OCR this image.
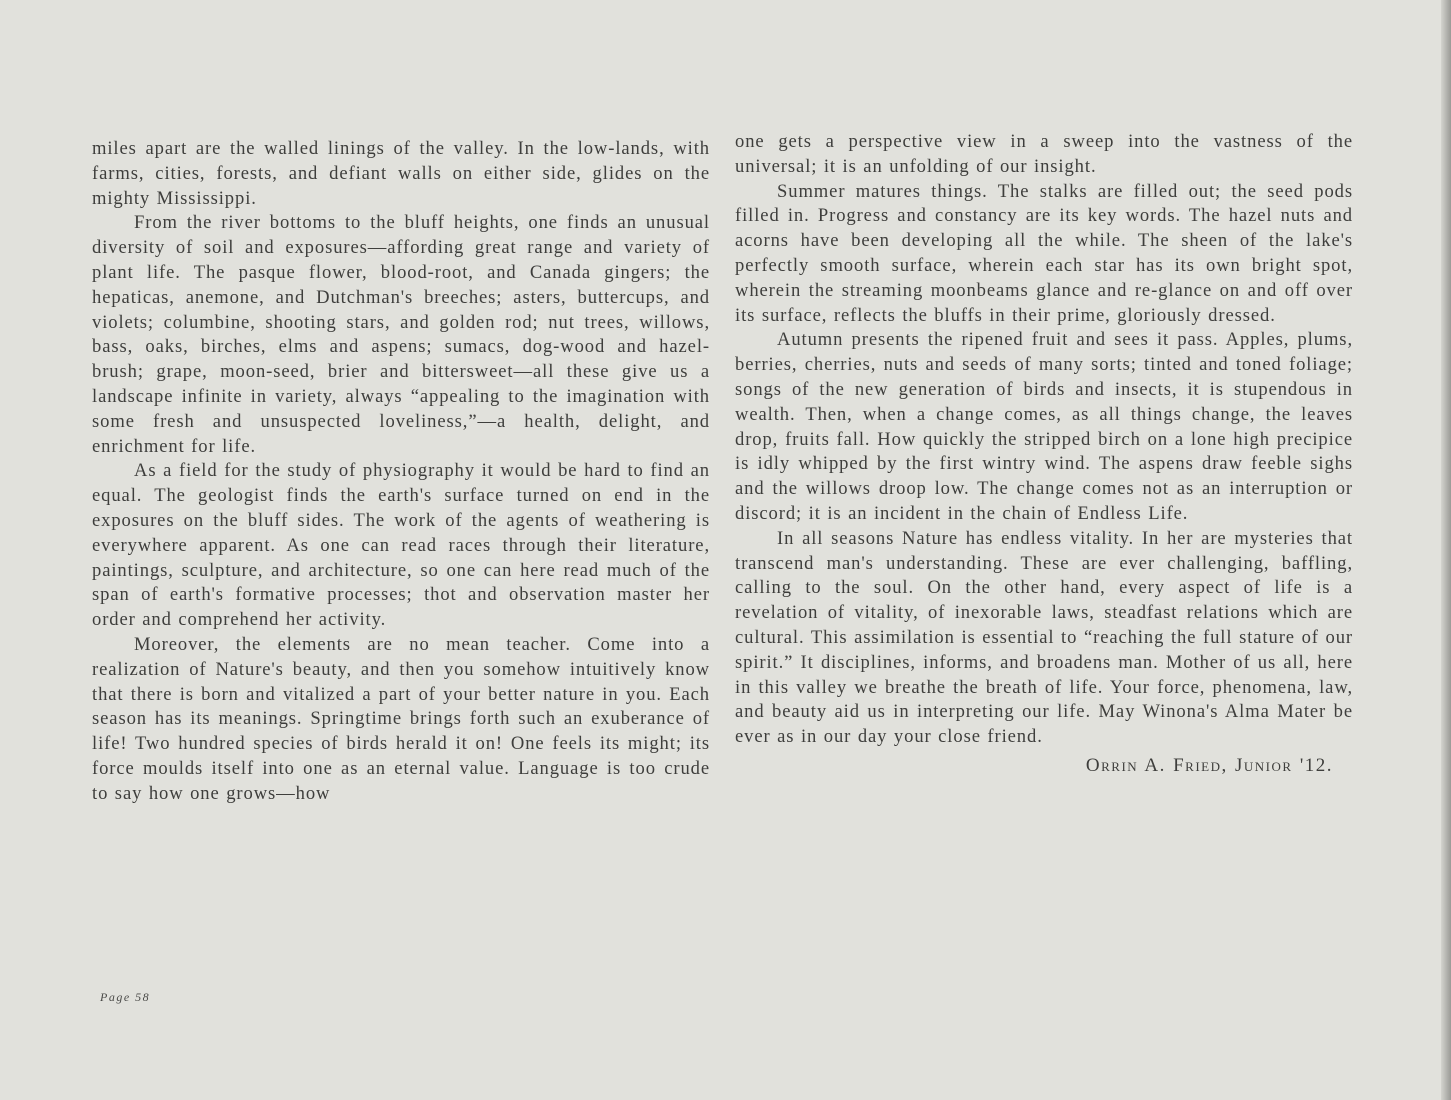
miles apart are the walled linings of the valley. In the low-lands, with farms, cities, forests, and defiant walls on either side, glides on the mighty Mississippi.

From the river bottoms to the bluff heights, one finds an unusual diversity of soil and exposures—affording great range and variety of plant life. The pasque flower, blood-root, and Canada gingers; the hepaticas, anemone, and Dutchman's breeches; asters, buttercups, and violets; columbine, shooting stars, and golden rod; nut trees, willows, bass, oaks, birches, elms and aspens; sumacs, dog-wood and hazel-brush; grape, moon-seed, brier and bittersweet—all these give us a landscape infinite in variety, always “appealing to the imagination with some fresh and unsuspected loveliness,”—a health, delight, and enrichment for life.

As a field for the study of physiography it would be hard to find an equal. The geologist finds the earth's surface turned on end in the exposures on the bluff sides. The work of the agents of weathering is everywhere apparent. As one can read races through their literature, paintings, sculpture, and architecture, so one can here read much of the span of earth's formative processes; thot and observation master her order and comprehend her activity.

Moreover, the elements are no mean teacher. Come into a realization of Nature's beauty, and then you somehow intuitively know that there is born and vitalized a part of your better nature in you. Each season has its meanings. Springtime brings forth such an exuberance of life! Two hundred species of birds herald it on! One feels its might; its force moulds itself into one as an eternal value. Language is too crude to say how one grows—how

one gets a perspective view in a sweep into the vastness of the universal; it is an unfolding of our insight.

Summer matures things. The stalks are filled out; the seed pods filled in. Progress and constancy are its key words. The hazel nuts and acorns have been developing all the while. The sheen of the lake's perfectly smooth surface, wherein each star has its own bright spot, wherein the streaming moonbeams glance and re-glance on and off over its surface, reflects the bluffs in their prime, gloriously dressed.

Autumn presents the ripened fruit and sees it pass. Apples, plums, berries, cherries, nuts and seeds of many sorts; tinted and toned foliage; songs of the new generation of birds and insects, it is stupendous in wealth. Then, when a change comes, as all things change, the leaves drop, fruits fall. How quickly the stripped birch on a lone high precipice is idly whipped by the first wintry wind. The aspens draw feeble sighs and the willows droop low. The change comes not as an interruption or discord; it is an incident in the chain of Endless Life.

In all seasons Nature has endless vitality. In her are mysteries that transcend man's understanding. These are ever challenging, baffling, calling to the soul. On the other hand, every aspect of life is a revelation of vitality, of inexorable laws, steadfast relations which are cultural. This assimilation is essential to “reaching the full stature of our spirit.” It disciplines, informs, and broadens man. Mother of us all, here in this valley we breathe the breath of life. Your force, phenomena, law, and beauty aid us in interpreting our life. May Winona's Alma Mater be ever as in our day your close friend.

Orrin A. Fried, Junior '12.
Page 58
